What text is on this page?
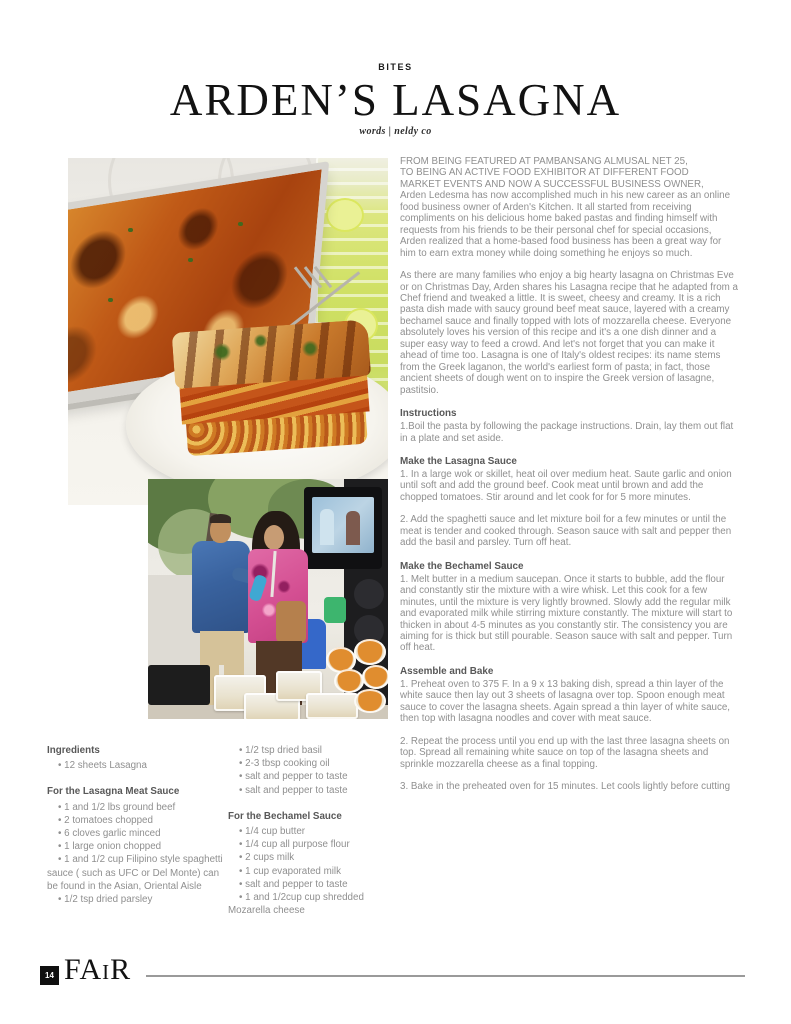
BITES
ARDEN’S LASAGNA
words | neldy co

FROM BEING FEATURED AT PAMBANSANG ALMUSAL NET 25,
TO BEING AN ACTIVE FOOD EXHIBITOR AT DIFFERENT FOOD
MARKET EVENTS AND NOW A SUCCESSFUL BUSINESS OWNER,
Arden Ledesma has now accomplished much in his new career as an online food business owner of Arden's Kitchen. It all started from receiving compliments on his delicious home baked pastas and finding himself with requests from his friends to be their personal chef for special occasions, Arden realized that a home-based food business has been a great way for him to earn extra money while doing something he enjoys so much.

As there are many families who enjoy a big hearty lasagna on Christmas Eve or on Christmas Day, Arden shares his Lasagna recipe that he adapted from a Chef friend and tweaked a little. It is sweet, cheesy and creamy. It is a rich pasta dish made with saucy ground beef meat sauce, layered with a creamy bechamel sauce and finally topped with lots of mozzarella cheese. Everyone absolutely loves his version of this recipe and it's a one dish dinner and a super easy way to feed a crowd. And let's not forget that you can make it ahead of time too. Lasagna is one of Italy's oldest recipes: its name stems from the Greek laganon, the world's earliest form of pasta; in fact, those ancient sheets of dough went on to inspire the Greek version of lasagne, pastitsio.

Instructions

1.Boil the pasta by following the package instructions. Drain, lay them out flat in a plate and set aside.

Make the Lasagna Sauce

1. In a large wok or skillet, heat oil over medium heat. Saute garlic and onion until soft and add the ground beef. Cook meat until brown and add the chopped tomatoes. Stir around and let cook for for 5 more minutes.

2. Add the spaghetti sauce and let mixture boil for a few minutes or until the meat is tender and cooked through. Season sauce with salt and pepper then add the basil and parsley. Turn off heat.

Make the Bechamel Sauce

1. Melt butter in a medium saucepan. Once it starts to bubble, add the flour and constantly stir the mixture with a wire whisk. Let this cook for a few minutes, until the mixture is very lightly browned. Slowly add the regular milk and evaporated milk while stirring mixture constantly. The mixture will start to thicken in about 4-5 minutes as you constantly stir. The consistency you are aiming for is thick but still pourable. Season sauce with salt and pepper. Turn off heat.

Assemble and Bake

1. Preheat oven to 375 F. In a 9 x 13 baking dish, spread a thin layer of the white sauce then lay out 3 sheets of lasagna over top. Spoon enough meat sauce to cover the lasagna sheets. Again spread a thin layer of white sauce, then top with lasagna noodles and cover with meat sauce.

2. Repeat the process until you end up with the last three lasagna sheets on top. Spread all remaining white sauce on top of the lasagna sheets and sprinkle mozzarella cheese as a final topping.

3. Bake in the preheated oven for 15 minutes. Let cools lightly before cutting

Ingredients
• 12 sheets Lasagna
For the Lasagna Meat Sauce
• 1 and 1/2 lbs ground beef
• 2 tomatoes chopped
• 6 cloves garlic minced
• 1 large onion chopped
• 1 and 1/2 cup Filipino style spaghetti sauce ( such as UFC or Del Monte) can be found in the Asian, Oriental Aisle
• 1/2 tsp dried parsley
• 1/2 tsp dried basil
• 2-3 tbsp cooking oil
• salt and pepper to taste
• salt and pepper to taste
For the Bechamel Sauce
• 1/4 cup butter
• 1/4 cup all purpose flour
• 2 cups milk
• 1 cup evaporated milk
• salt and pepper to taste
• 1 and 1/2cup cup shredded Mozarella cheese
14 FAIR
